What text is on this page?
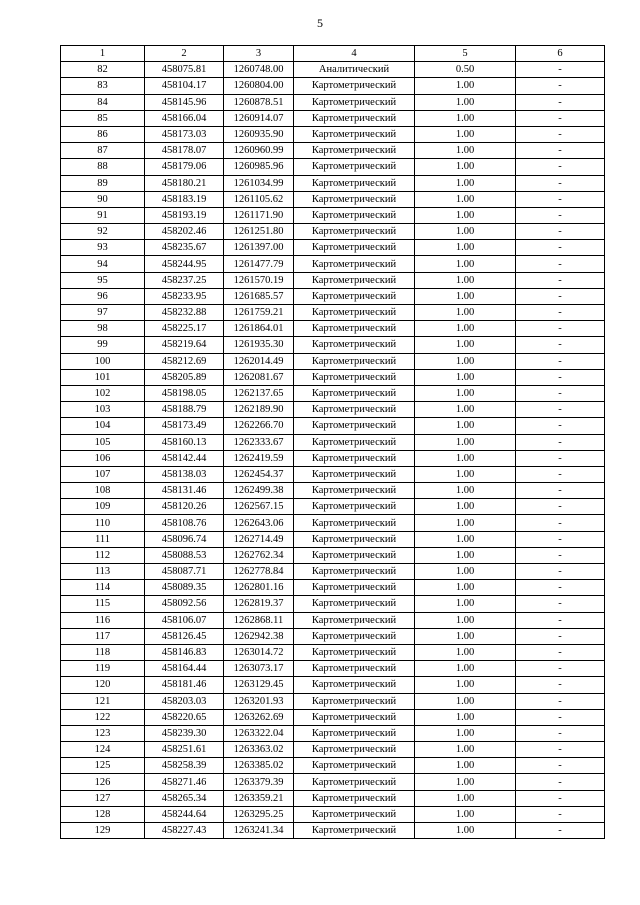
5
1	2	3	4	5	6
82	458075.81	1260748.00	Аналитический	0.50	-
83	458104.17	1260804.00	Картометрический	1.00	-
84	458145.96	1260878.51	Картометрический	1.00	-
85	458166.04	1260914.07	Картометрический	1.00	-
86	458173.03	1260935.90	Картометрический	1.00	-
87	458178.07	1260960.99	Картометрический	1.00	-
88	458179.06	1260985.96	Картометрический	1.00	-
89	458180.21	1261034.99	Картометрический	1.00	-
90	458183.19	1261105.62	Картометрический	1.00	-
91	458193.19	1261171.90	Картометрический	1.00	-
92	458202.46	1261251.80	Картометрический	1.00	-
93	458235.67	1261397.00	Картометрический	1.00	-
94	458244.95	1261477.79	Картометрический	1.00	-
95	458237.25	1261570.19	Картометрический	1.00	-
96	458233.95	1261685.57	Картометрический	1.00	-
97	458232.88	1261759.21	Картометрический	1.00	-
98	458225.17	1261864.01	Картометрический	1.00	-
99	458219.64	1261935.30	Картометрический	1.00	-
100	458212.69	1262014.49	Картометрический	1.00	-
101	458205.89	1262081.67	Картометрический	1.00	-
102	458198.05	1262137.65	Картометрический	1.00	-
103	458188.79	1262189.90	Картометрический	1.00	-
104	458173.49	1262266.70	Картометрический	1.00	-
105	458160.13	1262333.67	Картометрический	1.00	-
106	458142.44	1262419.59	Картометрический	1.00	-
107	458138.03	1262454.37	Картометрический	1.00	-
108	458131.46	1262499.38	Картометрический	1.00	-
109	458120.26	1262567.15	Картометрический	1.00	-
110	458108.76	1262643.06	Картометрический	1.00	-
111	458096.74	1262714.49	Картометрический	1.00	-
112	458088.53	1262762.34	Картометрический	1.00	-
113	458087.71	1262778.84	Картометрический	1.00	-
114	458089.35	1262801.16	Картометрический	1.00	-
115	458092.56	1262819.37	Картометрический	1.00	-
116	458106.07	1262868.11	Картометрический	1.00	-
117	458126.45	1262942.38	Картометрический	1.00	-
118	458146.83	1263014.72	Картометрический	1.00	-
119	458164.44	1263073.17	Картометрический	1.00	-
120	458181.46	1263129.45	Картометрический	1.00	-
121	458203.03	1263201.93	Картометрический	1.00	-
122	458220.65	1263262.69	Картометрический	1.00	-
123	458239.30	1263322.04	Картометрический	1.00	-
124	458251.61	1263363.02	Картометрический	1.00	-
125	458258.39	1263385.02	Картометрический	1.00	-
126	458271.46	1263379.39	Картометрический	1.00	-
127	458265.34	1263359.21	Картометрический	1.00	-
128	458244.64	1263295.25	Картометрический	1.00	-
129	458227.43	1263241.34	Картометрический	1.00	-
